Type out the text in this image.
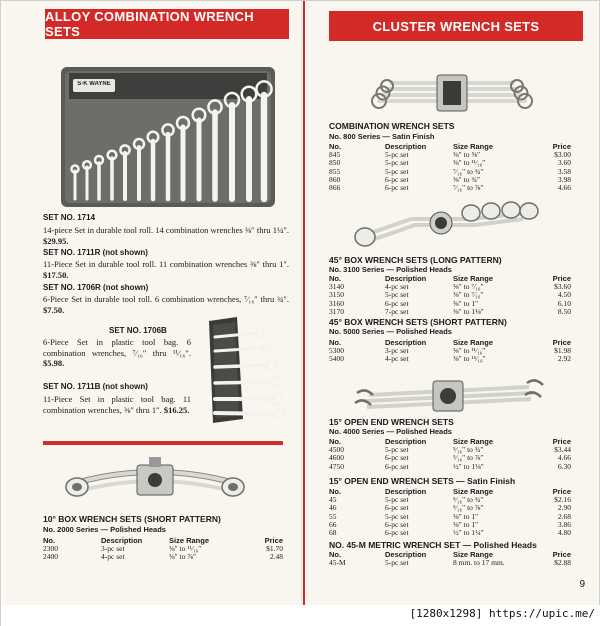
ALLOY COMBINATION WRENCH SETS
S-K WAYNE
SET NO. 1714
14-piece Set in durable tool roll. 14 combination wrenches ⅜″ thru 1¼″. $29.95.
SET NO. 1711R (not shown)
11-Piece Set in durable tool roll. 11 combination wrenches ⅜″ thru 1″. $17.50.
SET NO. 1706R (not shown)
6-Piece Set in durable tool roll. 6 combination wrenches, ⁷⁄₁₆″ thru ¾″. $7.50.
SET NO. 1706B
6-Piece Set in plastic tool bag. 6 combination wrenches, ⁷⁄₁₆″ thru ¹¹⁄₁₆″. $5.98.
SET NO. 1711B (not shown)
11-Piece Set in plastic tool bag. 11 combination wrenches, ⅜″ thru 1″. $16.25.
10° BOX WRENCH SETS (SHORT PATTERN)
No. 2000 Series — Polished Heads
No.	Description	Size Range	Price
2300	3-pc set	⅜″ to ¹¹⁄₁₆″	$1.70
2400	4-pc set	⅜″ to ⅞″	2.48
CLUSTER WRENCH SETS
COMBINATION WRENCH SETS
No. 800 Series — Satin Finish
No.	Description	Size Range	Price
845	5-pc set	⅜″ to ⅝″	$3.00
850	5-pc set	⅜″ to ¹¹⁄₁₆″	3.60
855	5-pc set	⁷⁄₁₆″ to ¾″	3.58
860	6-pc set	⅜″ to ¾″	3.98
866	6-pc set	⁷⁄₁₆″ to ⅞″	4.66
45° BOX WRENCH SETS (LONG PATTERN)
No. 3100 Series — Polished Heads
No.	Description	Size Range	Price
3140	4-pc set	⅜″ to ⁷⁄₁₆″	$3.60
3150	5-pc set	⅜″ to ⁷⁄₁₆″	4.50
3160	6-pc set	⅜″ to 1″	6.10
3170	7-pc set	⅜″ to 1⅛″	8.50
45° BOX WRENCH SETS (SHORT PATTERN)
No. 5000 Series — Polished Heads
No.	Description	Size Range	Price
5300	3-pc set	⅜″ to ¹¹⁄₁₆″	$1.98
5400	4-pc set	⅜″ to ¹⁵⁄₁₆″	2.92
15° OPEN END WRENCH SETS
No. 4000 Series — Polished Heads
No.	Description	Size Range	Price
4500	5-pc set	⁵⁄₁₆″ to ¾″	$3.44
4600	6-pc set	⁵⁄₁₆″ to ⅞″	4.66
4750	6-pc set	½″ to 1⅛″	6.30
15° OPEN END WRENCH SETS — Satin Finish
No.	Description	Size Range	Price
45	5-pc set	⁵⁄₁₆″ to ¾″	$2.16
46	6-pc set	⁵⁄₁₆″ to ⅞″	2.90
55	5-pc set	⅜″ to 1″	2.68
66	6-pc set	⅜″ to 1″	3.86
68	6-pc set	½″ to 1¼″	4.80
NO. 45-M METRIC WRENCH SET — Polished Heads
No.	Description	Size Range	Price
45-M	5-pc set	8 mm. to 17 mm.	$2.88
9
[1280x1298] https://upic.me/
